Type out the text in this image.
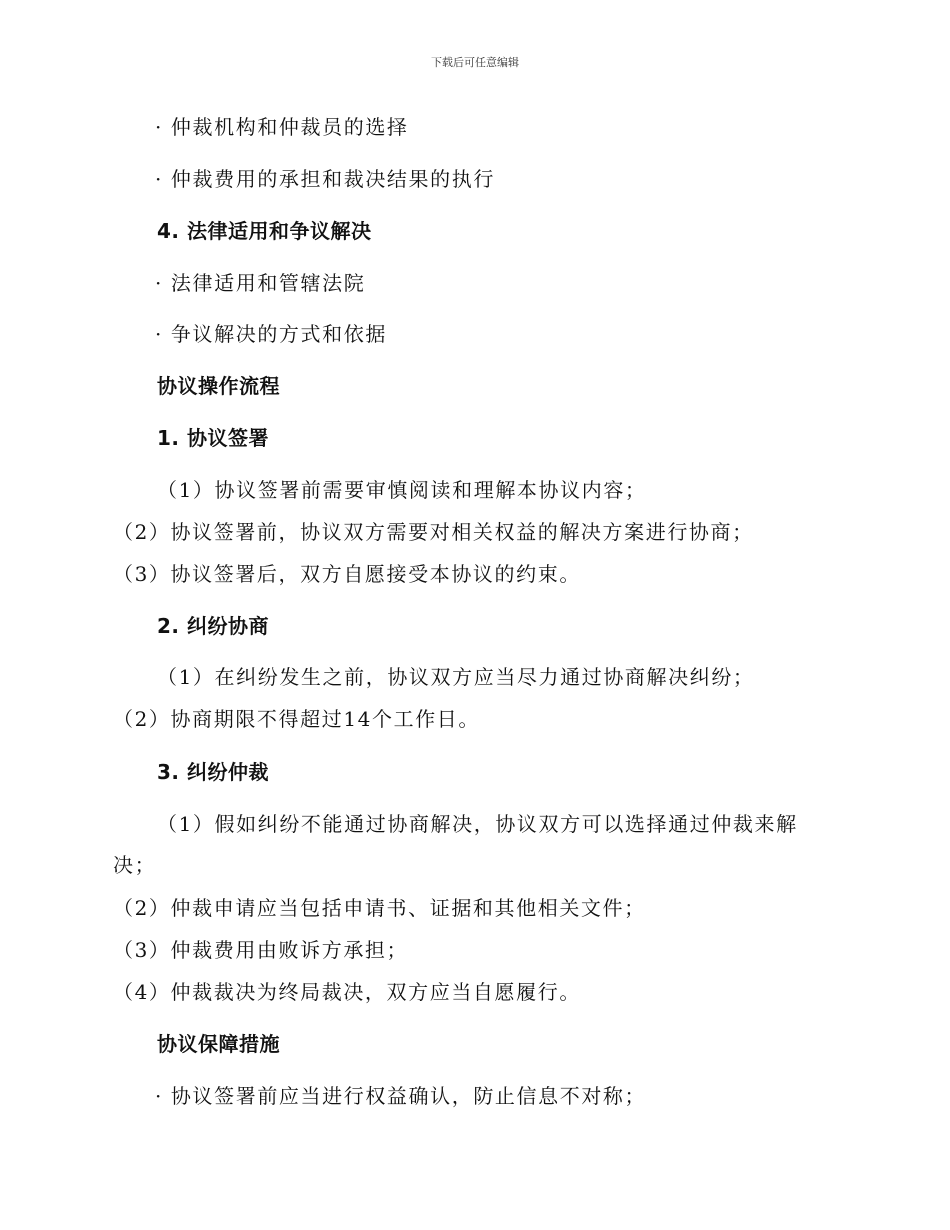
下载后可任意编辑
· 仲裁机构和仲裁员的选择
· 仲裁费用的承担和裁决结果的执行
4. 法律适用和争议解决
· 法律适用和管辖法院
· 争议解决的方式和依据
协议操作流程
1. 协议签署
（1）协议签署前需要审慎阅读和理解本协议内容；
（2）协议签署前，协议双方需要对相关权益的解决方案进行协商；
（3）协议签署后，双方自愿接受本协议的约束。
2. 纠纷协商
（1）在纠纷发生之前，协议双方应当尽力通过协商解决纠纷；
（2）协商期限不得超过14个工作日。
3. 纠纷仲裁
（1）假如纠纷不能通过协商解决，协议双方可以选择通过仲裁来解
决；
（2）仲裁申请应当包括申请书、证据和其他相关文件；
（3）仲裁费用由败诉方承担；
（4）仲裁裁决为终局裁决，双方应当自愿履行。
协议保障措施
· 协议签署前应当进行权益确认，防止信息不对称；
